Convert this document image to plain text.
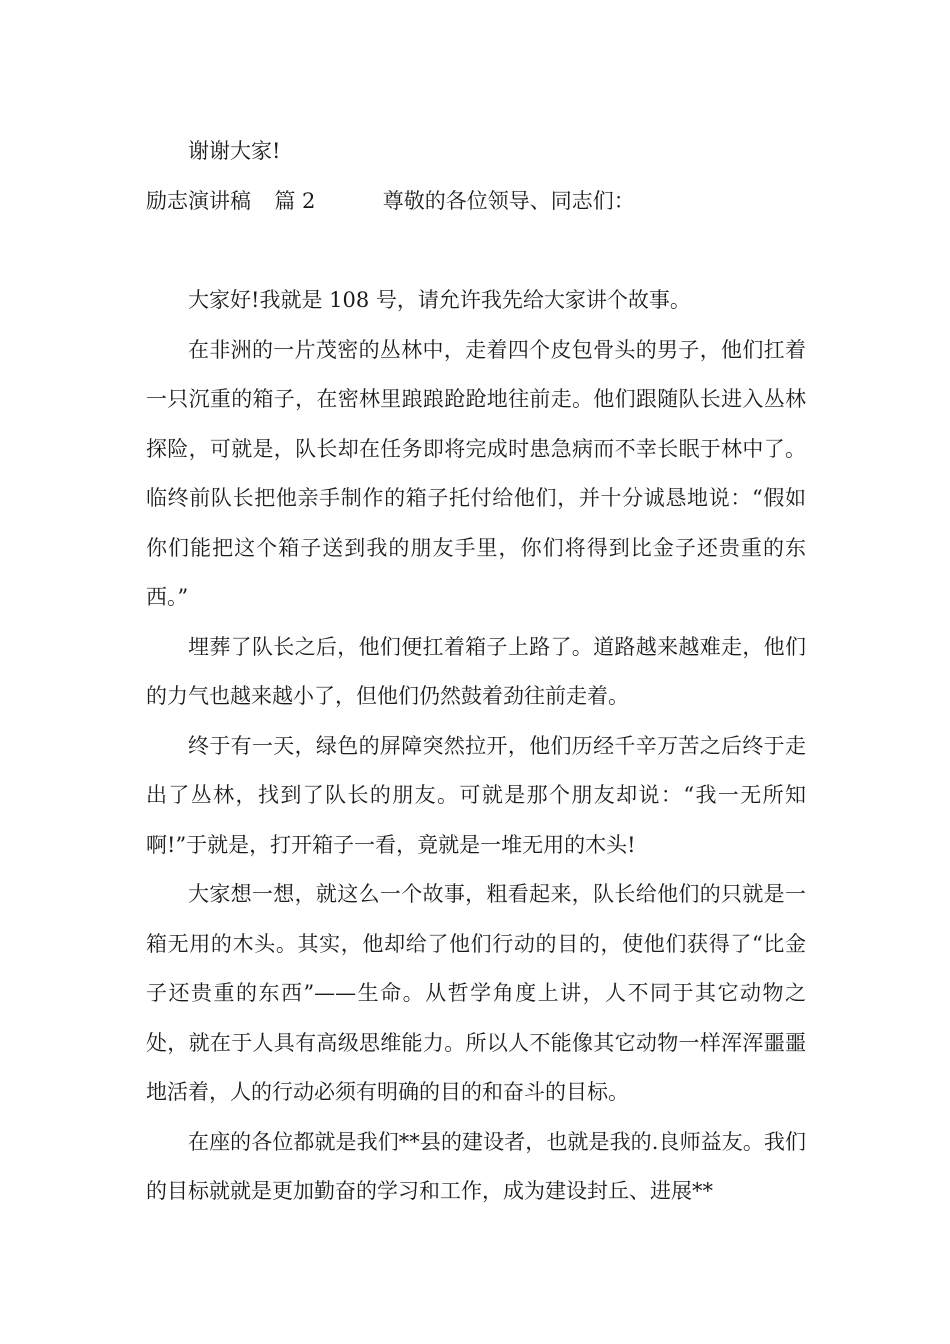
谢谢大家!
励志演讲稿 篇 2	尊敬的各位领导、同志们：

大家好!我就是 108 号，请允许我先给大家讲个故事。

在非洲的一片茂密的丛林中，走着四个皮包骨头的男子，他们扛着一只沉重的箱子，在密林里踉踉跄跄地往前走。他们跟随队长进入丛林探险，可就是，队长却在任务即将完成时患急病而不幸长眠于林中了。临终前队长把他亲手制作的箱子托付给他们，并十分诚恳地说：“假如你们能把这个箱子送到我的朋友手里，你们将得到比金子还贵重的东西。”

埋葬了队长之后，他们便扛着箱子上路了。道路越来越难走，他们的力气也越来越小了，但他们仍然鼓着劲往前走着。

终于有一天，绿色的屏障突然拉开，他们历经千辛万苦之后终于走出了丛林，找到了队长的朋友。可就是那个朋友却说：“我一无所知啊!”于就是，打开箱子一看，竟就是一堆无用的木头!

大家想一想，就这么一个故事，粗看起来，队长给他们的只就是一箱无用的木头。其实，他却给了他们行动的目的，使他们获得了“比金子还贵重的东西”——生命。从哲学角度上讲，人不同于其它动物之处，就在于人具有高级思维能力。所以人不能像其它动物一样浑浑噩噩地活着，人的行动必须有明确的目的和奋斗的目标。

在座的各位都就是我们**县的建设者，也就是我的.良师益友。我们的目标就就是更加勤奋的学习和工作，成为建设封丘、进展**
